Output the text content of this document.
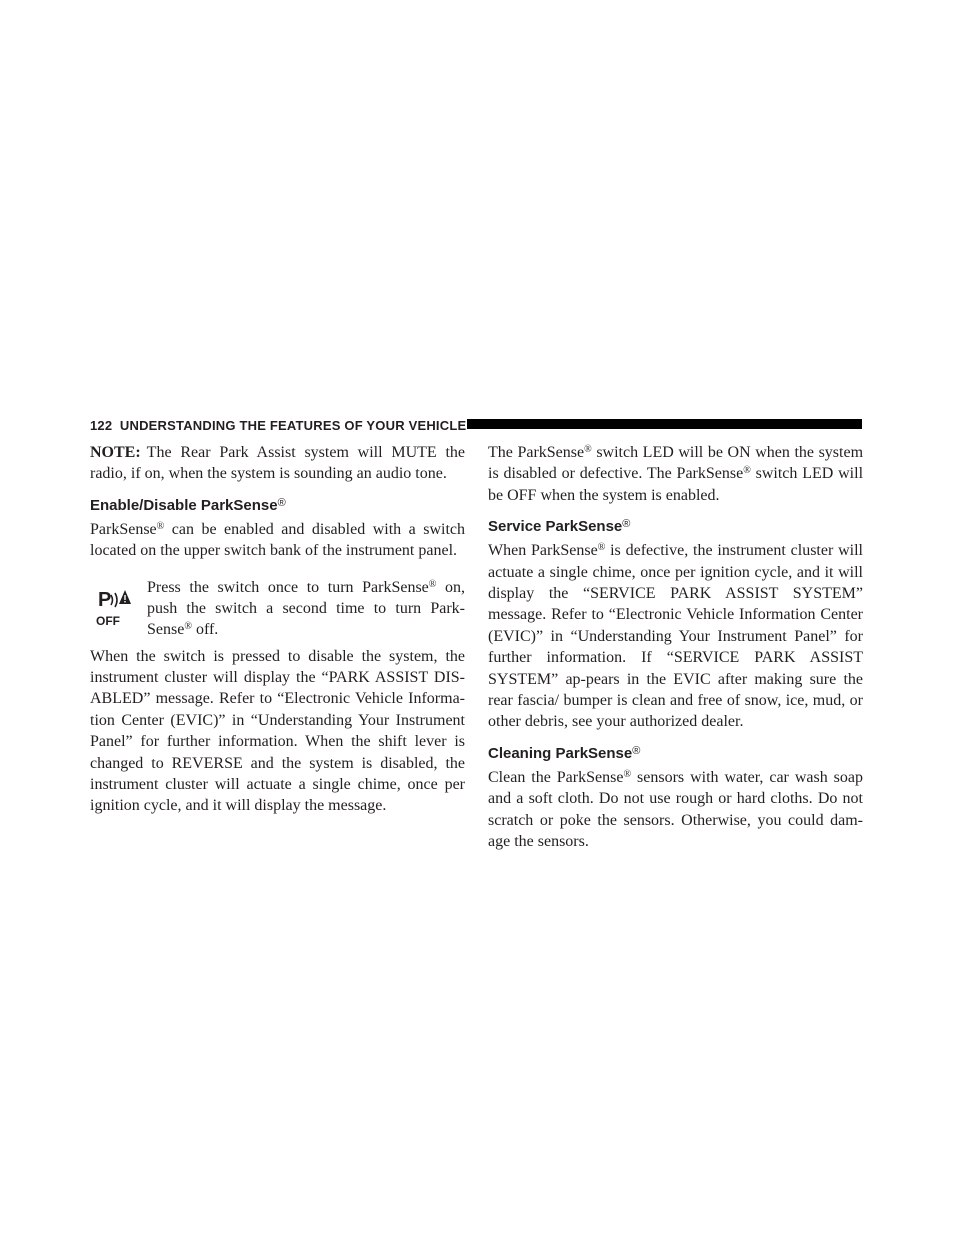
122 UNDERSTANDING THE FEATURES OF YOUR VEHICLE

NOTE: The Rear Park Assist system will MUTE the radio, if on, when the system is sounding an audio tone.

Enable/Disable ParkSense®

ParkSense® can be enabled and disabled with a switch located on the upper switch bank of the instrument panel.

P
OFF

Press the switch once to turn ParkSense® on, push the switch a second time to turn Park-Sense® off.

When the switch is pressed to disable the system, the instrument cluster will display the “PARK ASSIST DIS-ABLED” message. Refer to “Electronic Vehicle Informa-tion Center (EVIC)” in “Understanding Your Instrument Panel” for further information. When the shift lever is changed to REVERSE and the system is disabled, the instrument cluster will actuate a single chime, once per ignition cycle, and it will display the message.

The ParkSense® switch LED will be ON when the system is disabled or defective. The ParkSense® switch LED will be OFF when the system is enabled.

Service ParkSense®

When ParkSense® is defective, the instrument cluster will actuate a single chime, once per ignition cycle, and it will display the “SERVICE PARK ASSIST SYSTEM” message. Refer to “Electronic Vehicle Information Center (EVIC)” in “Understanding Your Instrument Panel” for further information. If “SERVICE PARK ASSIST SYSTEM” ap-pears in the EVIC after making sure the rear fascia/ bumper is clean and free of snow, ice, mud, or other debris, see your authorized dealer.

Cleaning ParkSense®

Clean the ParkSense® sensors with water, car wash soap and a soft cloth. Do not use rough or hard cloths. Do not scratch or poke the sensors. Otherwise, you could dam-age the sensors.
